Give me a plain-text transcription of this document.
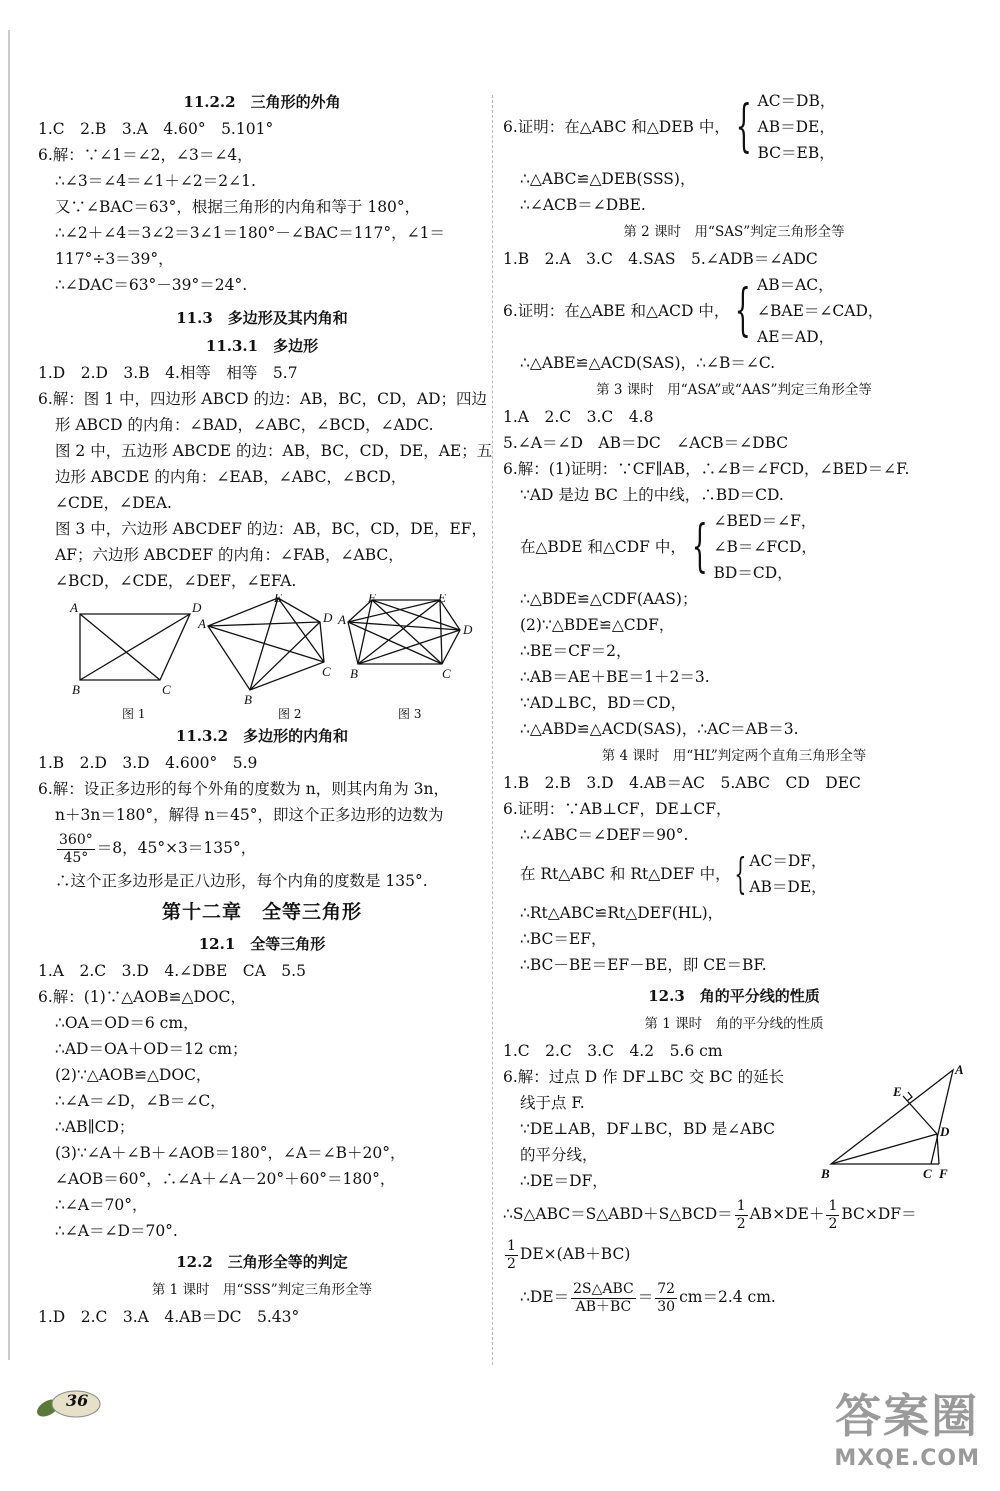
11.2.2　三角形的外角
1.C　2.B　3.A　4.60°　5.101°
6.解：∵∠1＝∠2，∠3＝∠4，
∴∠3＝∠4＝∠1＋∠2＝2∠1.
又∵∠BAC＝63°，根据三角形的内角和等于 180°，
∴∠2＋∠4＝3∠2＝3∠1＝180°－∠BAC＝117°，∠1＝
117°÷3＝39°，
∴∠DAC＝63°－39°＝24°.
11.3　多边形及其内角和
11.3.1　多边形
1.D　2.D　3.B　4.相等　相等　5.7
6.解：图 1 中，四边形 ABCD 的边：AB，BC，CD，AD；四边
形 ABCD 的内角：∠BAD，∠ABC，∠BCD，∠ADC.
图 2 中，五边形 ABCDE 的边：AB，BC，CD，DE，AE；五
边形 ABCDE 的内角：∠EAB，∠ABC，∠BCD，
∠CDE，∠DEA.
图 3 中，六边形 ABCDEF 的边：AB，BC，CD，DE，EF，
AF；六边形 ABCDEF 的内角：∠FAB，∠ABC，
∠BCD，∠CDE，∠DEF，∠EFA.
A	D
B	C
A
E
D
C
B
A
F	E
D
C
B
图 1	图 2	图 3
11.3.2　多边形的内角和
1.B　2.D　3.D　4.600°　5.9
6.解：设正多边形的每个外角的度数为 n，则其内角为 3n，
n＋3n＝180°，解得 n＝45°，即这个正多边形的边数为
$\frac{360^\circ}{45^\circ} =8$，45°×3＝135°，
∴这个正多边形是正八边形，每个内角的度数是 135°.
第十二章　全等三角形
12.1　全等三角形
1.A　2.C　3.D　4.∠DBE　CA　5.5
6.解：(1)∵△AOB≌△DOC，
∴OA＝OD＝6 cm，
∴AD＝OA＋OD＝12 cm；
(2)∵△AOB≌△DOC，
∴∠A＝∠D，∠B＝∠C，
∴AB∥CD；
(3)∵∠A＋∠B＋∠AOB＝180°，∠A＝∠B＋20°，
∠AOB＝60°，∴∠A＋∠A－20°＋60°＝180°，
∴∠A＝70°，
∴∠A＝∠D＝70°.
12.2　三角形全等的判定
第 1 课时　用“SSS”判定三角形全等
1.D　2.C　3.A　4.AB＝DC　5.43°
6.证明：在△ABC 和△DEB 中， { AC＝DB，
AB＝DE，
BC＝EB，
∴△ABC≌△DEB(SSS)，
∴∠ACB＝∠DBE.
第 2 课时　用“SAS”判定三角形全等
1.B　2.A　3.C　4.SAS　5.∠ADB＝∠ADC
6.证明：在△ABE 和△ACD 中， { AB＝AC，
∠BAE＝∠CAD，
AE＝AD，
∴△ABE≌△ACD(SAS)，∴∠B＝∠C.
第 3 课时　用“ASA”或“AAS”判定三角形全等
1.A　2.C　3.C　4.8
5.∠A＝∠D　AB＝DC　∠ACB＝∠DBC
6.解：(1)证明：∵CF∥AB，∴∠B＝∠FCD，∠BED＝∠F.
∵AD 是边 BC 上的中线，∴BD＝CD.
在△BDE 和△CDF 中， { ∠BED＝∠F，
∠B＝∠FCD，
BD＝CD，
∴△BDE≌△CDF(AAS)；
(2)∵△BDE≌△CDF，
∴BE＝CF＝2，
∴AB＝AE＋BE＝1＋2＝3.
∵AD⊥BC，BD＝CD，
∴△ABD≌△ACD(SAS)，∴AC＝AB＝3.
第 4 课时　用“HL”判定两个直角三角形全等
1.B　2.B　3.D　4.AB＝AC　5.ABC　CD　DEC
6.证明：∵AB⊥CF，DE⊥CF，
∴∠ABC＝∠DEF＝90°.
在 Rt△ABC 和 Rt△DEF 中， { AC＝DF，
AB＝DE，
∴Rt△ABC≌Rt△DEF(HL)，
∴BC＝EF，
∴BC－BE＝EF－BE，即 CE＝BF.
12.3　角的平分线的性质
第 1 课时　角的平分线的性质
1.C　2.C　3.C　4.2　5.6 cm
6.解：过点 D 作 DF⊥BC 交 BC 的延长
线于点 F.
∵DE⊥AB，DF⊥BC，BD 是∠ABC
的平分线，
∴DE＝DF，
A
E
D
B	C F
∴S△ABC＝S△ABD＋S△BCD＝ $\frac{1}{2} AB\times DE+ \frac{1}{2} BC\times DF=$
$\frac{1}{2} DE\times(AB+BC)$
∴DE＝ $\frac{\text{2S△ABC}}{AB+BC} = \frac{72}{30} cm=2.4$ cm.
36	答案圈
MXQE.COM
